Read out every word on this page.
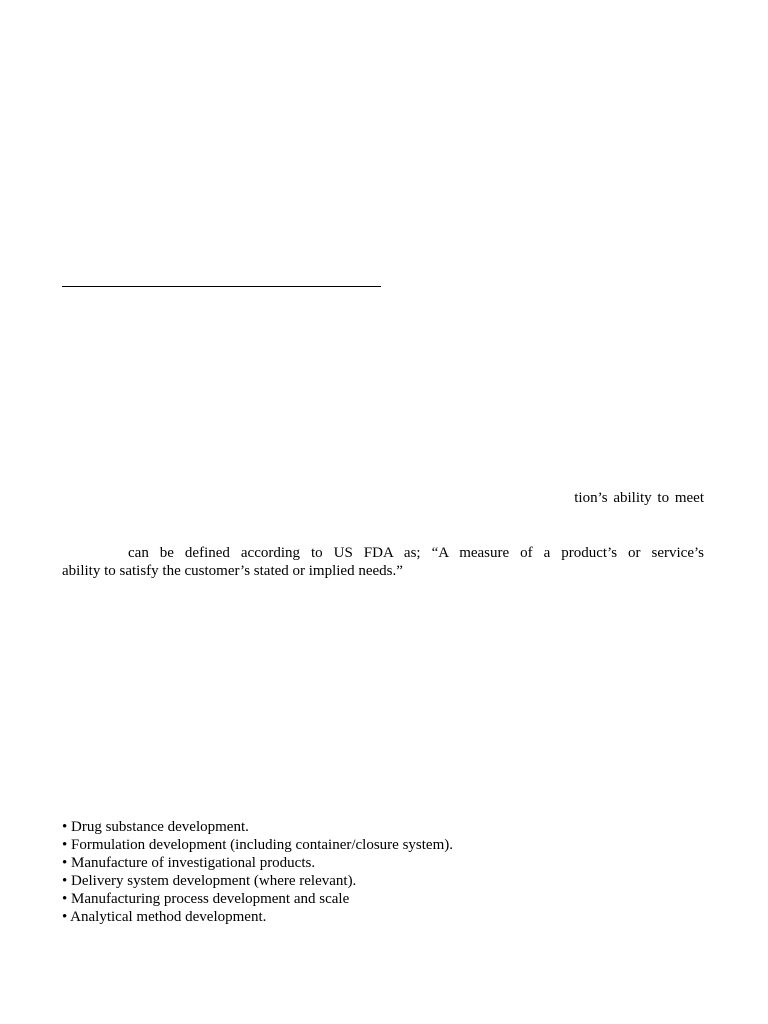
tion’s ability to meet
can be defined according to US FDA as; “A measure of a product’s or service’s
ability to satisfy the customer’s stated or implied needs.”
• Drug substance development.
• Formulation development (including container/closure system).
• Manufacture of investigational products.
• Delivery system development (where relevant).
• Manufacturing process development and scale
• Analytical method development.
